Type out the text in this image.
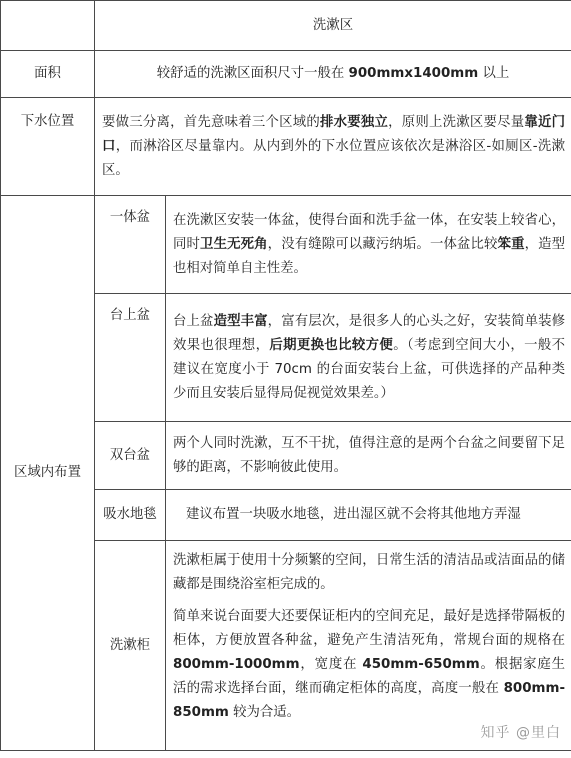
	洗漱区	
面积	较舒适的洗漱区面积尺寸一般在 900mmx1400mm 以上	
下水位置	要做三分离，首先意味着三个区域的排水要独立，原则上洗漱区要尽量靠近门口，而淋浴区尽量靠内。从内到外的下水位置应该依次是淋浴区-如厕区-洗漱区。	
区域内布置	一体盆	在洗漱区安装一体盆，使得台面和洗手盆一体，在安装上较省心，同时卫生无死角，没有缝隙可以藏污纳垢。一体盆比较笨重，造型也相对简单自主性差。
	台上盆	台上盆造型丰富，富有层次，是很多人的心头之好，安装简单装修效果也很理想，后期更换也比较方便。（考虑到空间大小，一般不建议在宽度小于 70cm 的台面安装台上盆，可供选择的产品种类少而且安装后显得局促视觉效果差。）
	双台盆	两个人同时洗漱，互不干扰，值得注意的是两个台盆之间要留下足够的距离，不影响彼此使用。
	吸水地毯	建议布置一块吸水地毯，进出湿区就不会将其他地方弄湿
	洗漱柜	洗漱柜属于使用十分频繁的空间，日常生活的清洁品或洁面品的储藏都是围绕浴室柜完成的。

简单来说台面要大还要保证柜内的空间充足，最好是选择带隔板的柜体，方便放置各种盆，避免产生清洁死角，常规台面的规格在 800mm-1000mm，宽度在 450mm-650mm。根据家庭生活的需求选择台面，继而确定柜体的高度，高度一般在 800mm-850mm 较为合适。

知乎 @里白
